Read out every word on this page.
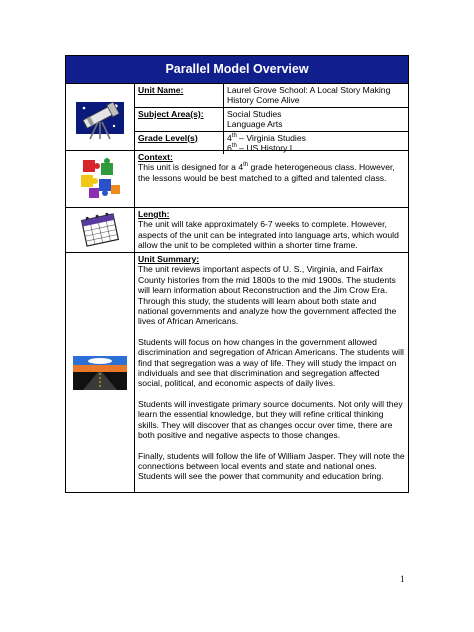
Parallel Model Overview
Unit Name:	Laurel Grove School: A Local Story Making History Come Alive
Subject Area(s):	Social Studies
Language Arts
Grade Level(s)	4th – Virginia Studies
6th – US History I
Context:
This unit is designed for a 4th grade heterogeneous class. However, the lessons would be best matched to a gifted and talented class.
Length:
The unit will take approximately 6-7 weeks to complete. However, aspects of the unit can be integrated into language arts, which would allow the unit to be completed within a shorter time frame.
Unit Summary:

The unit reviews important aspects of U. S., Virginia, and Fairfax County histories from the mid 1800s to the mid 1900s. The students will learn information about Reconstruction and the Jim Crow Era. Through this study, the students will learn about both state and national governments and analyze how the government affected the lives of African Americans.

Students will focus on how changes in the government allowed discrimination and segregation of African Americans. The students will find that segregation was a way of life. They will study the impact on individuals and see that discrimination and segregation affected social, political, and economic aspects of daily lives.

Students will investigate primary source documents. Not only will they learn the essential knowledge, but they will refine critical thinking skills. They will discover that as changes occur over time, there are both positive and negative aspects to those changes.

Finally, students will follow the life of William Jasper. They will note the connections between local events and state and national ones. Students will see the power that community and education bring.

1
